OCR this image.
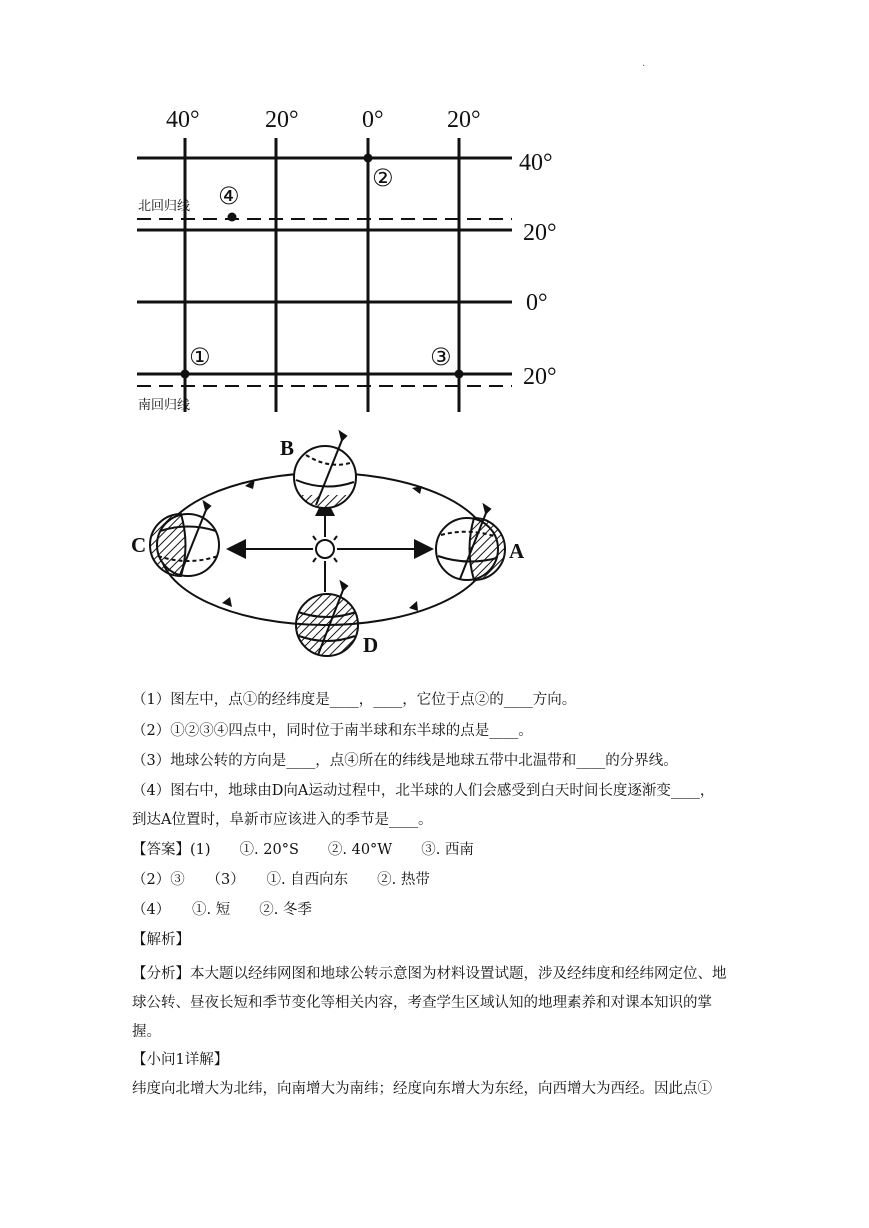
.
40°	20°	0°	20°
40°
20°
0°
20°
北回归线
南回归线
①
②
③
④
A
B
C
D
（1）图左中，点①的经纬度是____，____，它位于点②的____方向。
（2）①②③④四点中，同时位于南半球和东半球的点是____。
（3）地球公转的方向是____，点④所在的纬线是地球五带中北温带和____的分界线。
（4）图右中，地球由D向A运动过程中，北半球的人们会感受到白天时间长度逐渐变____，
到达A位置时，阜新市应该进入的季节是____。
【答案】(1)　　①. 20°S　　②. 40°W　　③. 西南
（2）③　　（3）　　①. 自西向东　　②. 热带
（4）　　①. 短　　②. 冬季
【解析】
【分析】本大题以经纬网图和地球公转示意图为材料设置试题，涉及经纬度和经纬网定位、地球公转、昼夜长短和季节变化等相关内容，考查学生区域认知的地理素养和对课本知识的掌握。
【小问1详解】
纬度向北增大为北纬，向南增大为南纬；经度向东增大为东经，向西增大为西经。因此点①
